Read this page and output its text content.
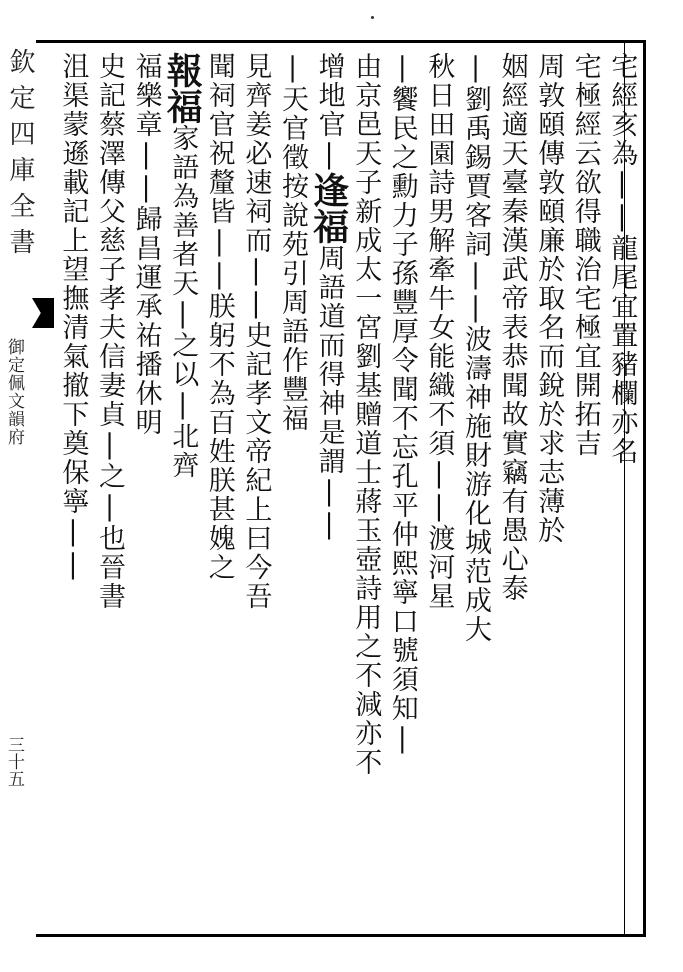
欽定四庫全書
御定佩文韻府
三十五
宅經亥為||龍尾宜置豬欄亦名
宅極經云欲得職治宅極宜開拓吉
周敦頤傳敦頤廉於取名而銳於求志薄於
姻經適天臺秦漢武帝表恭聞故實竊有愚心泰
|劉禹錫賈客詞||波濤神施財游化城范成大
秋日田園詩男解牽牛女能織不須||渡河星
|饗民之勳力子孫豐厚令聞不忘孔平仲熙寧口號須知|
由京邑天子新成太一宮劉基贈道士蔣玉壺詩用之不減亦不
增地官|逢福周語道而得神是謂||
|天官徵按說苑引周語作豐福
見齊姜必速祠而||史記孝文帝紀上曰今吾
聞祠官祝釐皆||朕躬不為百姓朕甚媿之
報福家語為善者天|之以|北齊
福樂章||歸昌運承祐播休明
史記蔡澤傳父慈子孝夫信妻貞|之|也晉書
沮渠蒙遜載記上望撫清氣撤下奠保寧||
